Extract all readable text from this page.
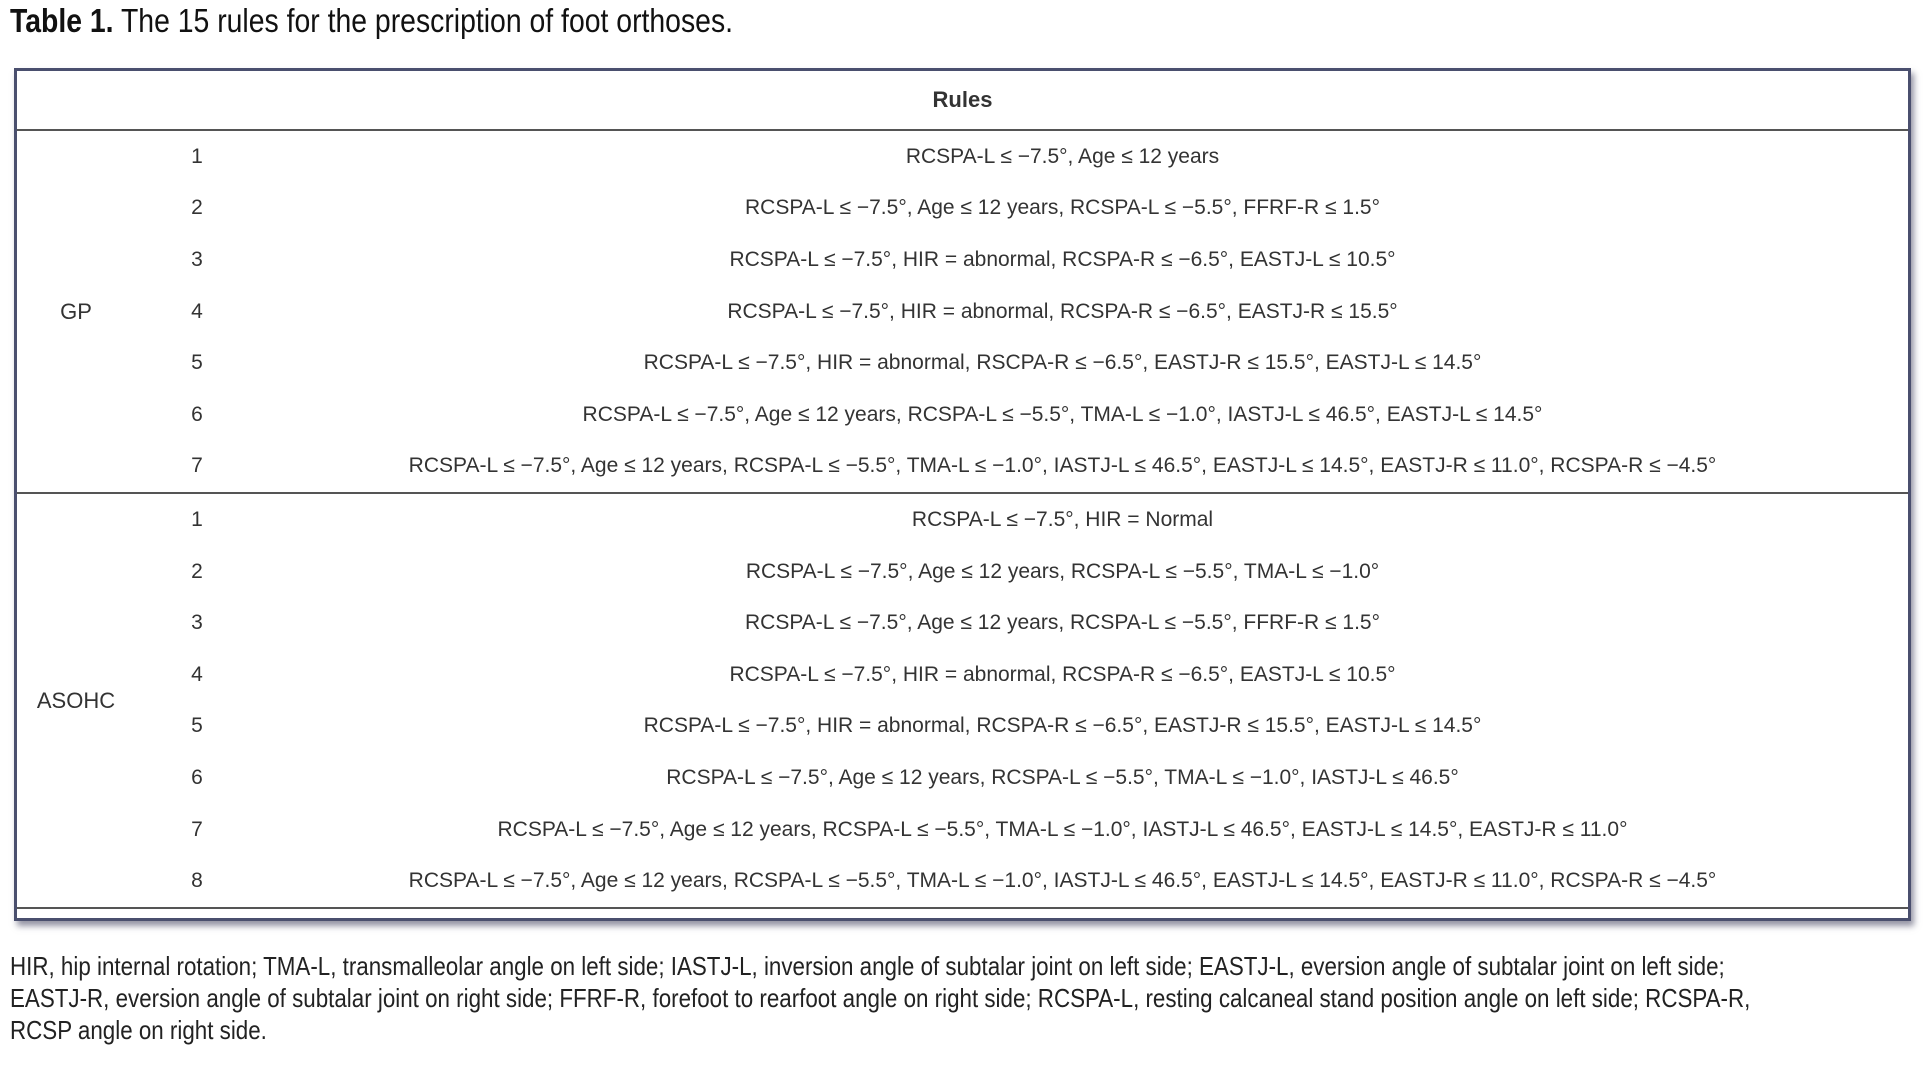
Table 1. The 15 rules for the prescription of foot orthoses.
Rules
GP
1	RCSPA-L ≤ −7.5°, Age ≤ 12 years
2	RCSPA-L ≤ −7.5°, Age ≤ 12 years, RCSPA-L ≤ −5.5°, FFRF-R ≤ 1.5°
3	RCSPA-L ≤ −7.5°, HIR = abnormal, RCSPA-R ≤ −6.5°, EASTJ-L ≤ 10.5°
4	RCSPA-L ≤ −7.5°, HIR = abnormal, RCSPA-R ≤ −6.5°, EASTJ-R ≤ 15.5°
5	RCSPA-L ≤ −7.5°, HIR = abnormal, RSCPA-R ≤ −6.5°, EASTJ-R ≤ 15.5°, EASTJ-L ≤ 14.5°
6	RCSPA-L ≤ −7.5°, Age ≤ 12 years, RCSPA-L ≤ −5.5°, TMA-L ≤ −1.0°, IASTJ-L ≤ 46.5°, EASTJ-L ≤ 14.5°
7	RCSPA-L ≤ −7.5°, Age ≤ 12 years, RCSPA-L ≤ −5.5°, TMA-L ≤ −1.0°, IASTJ-L ≤ 46.5°, EASTJ-L ≤ 14.5°, EASTJ-R ≤ 11.0°, RCSPA-R ≤ −4.5°
ASOHC
1	RCSPA-L ≤ −7.5°, HIR = Normal
2	RCSPA-L ≤ −7.5°, Age ≤ 12 years, RCSPA-L ≤ −5.5°, TMA-L ≤ −1.0°
3	RCSPA-L ≤ −7.5°, Age ≤ 12 years, RCSPA-L ≤ −5.5°, FFRF-R ≤ 1.5°
4	RCSPA-L ≤ −7.5°, HIR = abnormal, RCSPA-R ≤ −6.5°, EASTJ-L ≤ 10.5°
5	RCSPA-L ≤ −7.5°, HIR = abnormal, RCSPA-R ≤ −6.5°, EASTJ-R ≤ 15.5°, EASTJ-L ≤ 14.5°
6	RCSPA-L ≤ −7.5°, Age ≤ 12 years, RCSPA-L ≤ −5.5°, TMA-L ≤ −1.0°, IASTJ-L ≤ 46.5°
7	RCSPA-L ≤ −7.5°, Age ≤ 12 years, RCSPA-L ≤ −5.5°, TMA-L ≤ −1.0°, IASTJ-L ≤ 46.5°, EASTJ-L ≤ 14.5°, EASTJ-R ≤ 11.0°
8	RCSPA-L ≤ −7.5°, Age ≤ 12 years, RCSPA-L ≤ −5.5°, TMA-L ≤ −1.0°, IASTJ-L ≤ 46.5°, EASTJ-L ≤ 14.5°, EASTJ-R ≤ 11.0°, RCSPA-R ≤ −4.5°
HIR, hip internal rotation; TMA-L, transmalleolar angle on left side; IASTJ-L, inversion angle of subtalar joint on left side; EASTJ-L, eversion angle of subtalar joint on left side;
EASTJ-R, eversion angle of subtalar joint on right side; FFRF-R, forefoot to rearfoot angle on right side; RCSPA-L, resting calcaneal stand position angle on left side; RCSPA-R,
RCSP angle on right side.
